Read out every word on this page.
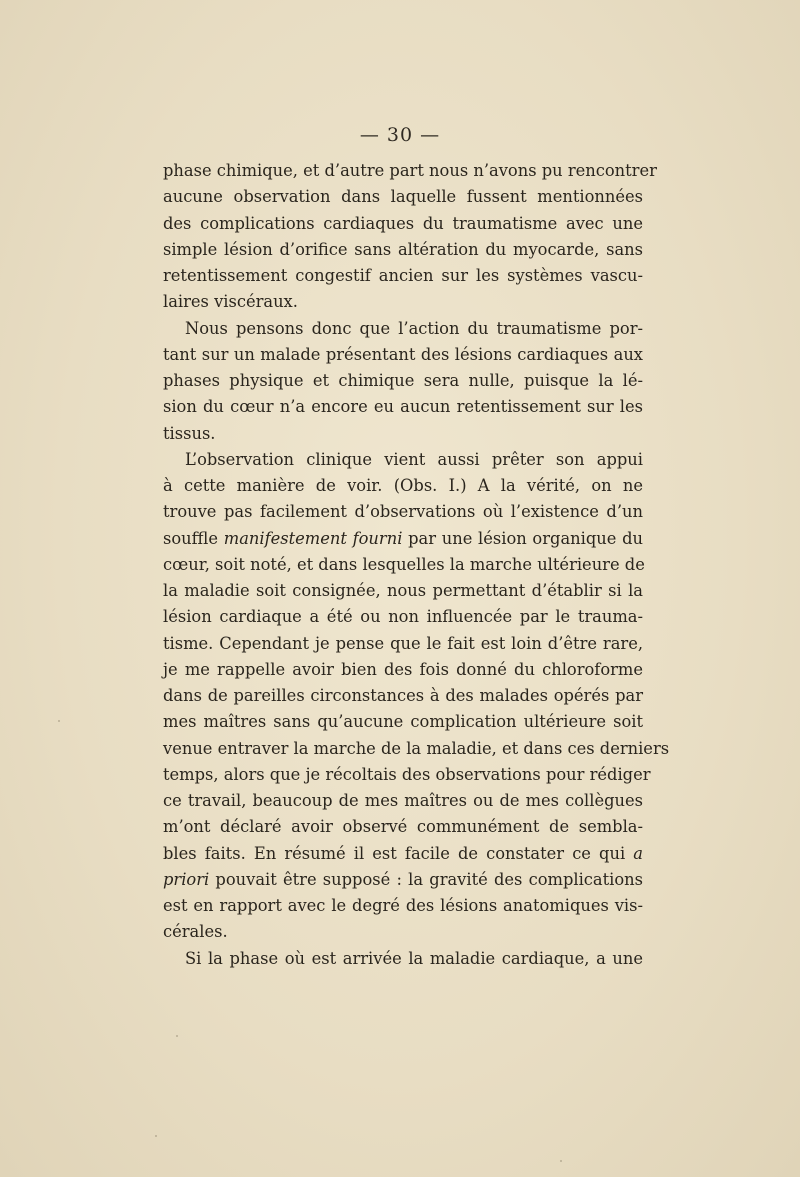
— 30 —
phase chimique, et d’autre part nous n’avons pu rencontrer
aucune observation dans laquelle fussent mentionnées
des complications cardiaques du traumatisme avec une
simple lésion d’orifice sans altération du myocarde, sans
retentissement congestif ancien sur les systèmes vascu-
laires viscéraux.
Nous pensons donc que l’action du traumatisme por-
tant sur un malade présentant des lésions cardiaques aux
phases physique et chimique sera nulle, puisque la lé-
sion du cœur n’a encore eu aucun retentissement sur les
tissus.
L’observation clinique vient aussi prêter son appui
à cette manière de voir. (Obs. I.) A la vérité, on ne
trouve pas facilement d’observations où l’existence d’un
souffle manifestement fourni par une lésion organique du
cœur, soit noté, et dans lesquelles la marche ultérieure de
la maladie soit consignée, nous permettant d’établir si la
lésion cardiaque a été ou non influencée par le trauma-
tisme. Cependant je pense que le fait est loin d’être rare,
je me rappelle avoir bien des fois donné du chloroforme
dans de pareilles circonstances à des malades opérés par
mes maîtres sans qu’aucune complication ultérieure soit
venue entraver la marche de la maladie, et dans ces derniers
temps, alors que je récoltais des observations pour rédiger
ce travail, beaucoup de mes maîtres ou de mes collègues
m’ont déclaré avoir observé communément de sembla-
bles faits. En résumé il est facile de constater ce qui a
priori pouvait être supposé : la gravité des complications
est en rapport avec le degré des lésions anatomiques vis-
cérales.
Si la phase où est arrivée la maladie cardiaque, a une
